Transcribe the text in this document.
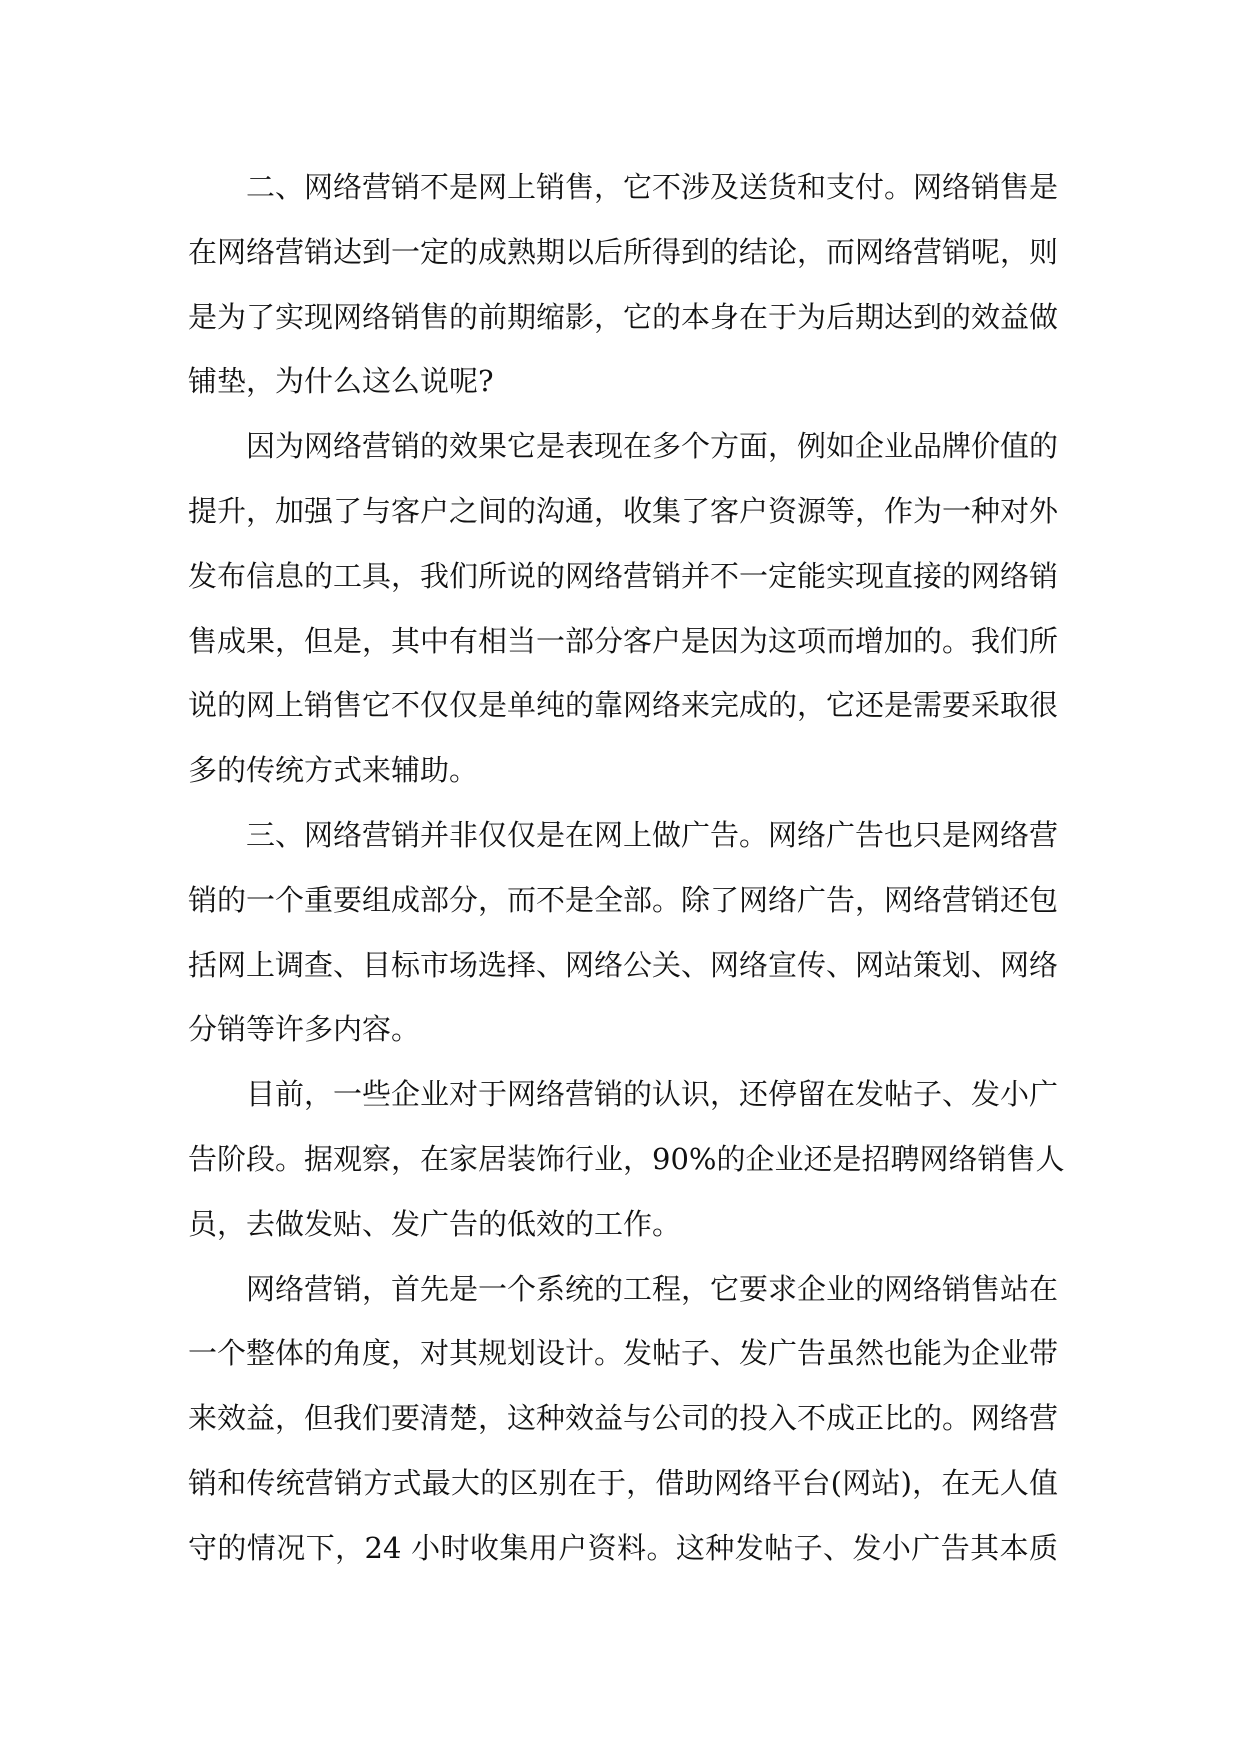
二、网络营销不是网上销售，它不涉及送货和支付。网络销售是
在网络营销达到一定的成熟期以后所得到的结论，而网络营销呢，则
是为了实现网络销售的前期缩影，它的本身在于为后期达到的效益做
铺垫，为什么这么说呢?
因为网络营销的效果它是表现在多个方面，例如企业品牌价值的
提升，加强了与客户之间的沟通，收集了客户资源等，作为一种对外
发布信息的工具，我们所说的网络营销并不一定能实现直接的网络销
售成果，但是，其中有相当一部分客户是因为这项而增加的。我们所
说的网上销售它不仅仅是单纯的靠网络来完成的，它还是需要采取很
多的传统方式来辅助。
三、网络营销并非仅仅是在网上做广告。网络广告也只是网络营
销的一个重要组成部分，而不是全部。除了网络广告，网络营销还包
括网上调查、目标市场选择、网络公关、网络宣传、网站策划、网络
分销等许多内容。
目前，一些企业对于网络营销的认识，还停留在发帖子、发小广
告阶段。据观察，在家居装饰行业，90%的企业还是招聘网络销售人
员，去做发贴、发广告的低效的工作。
网络营销，首先是一个系统的工程，它要求企业的网络销售站在
一个整体的角度，对其规划设计。发帖子、发广告虽然也能为企业带
来效益，但我们要清楚，这种效益与公司的投入不成正比的。网络营
销和传统营销方式最大的区别在于，借助网络平台(网站)，在无人值
守的情况下，24 小时收集用户资料。这种发帖子、发小广告其本质
